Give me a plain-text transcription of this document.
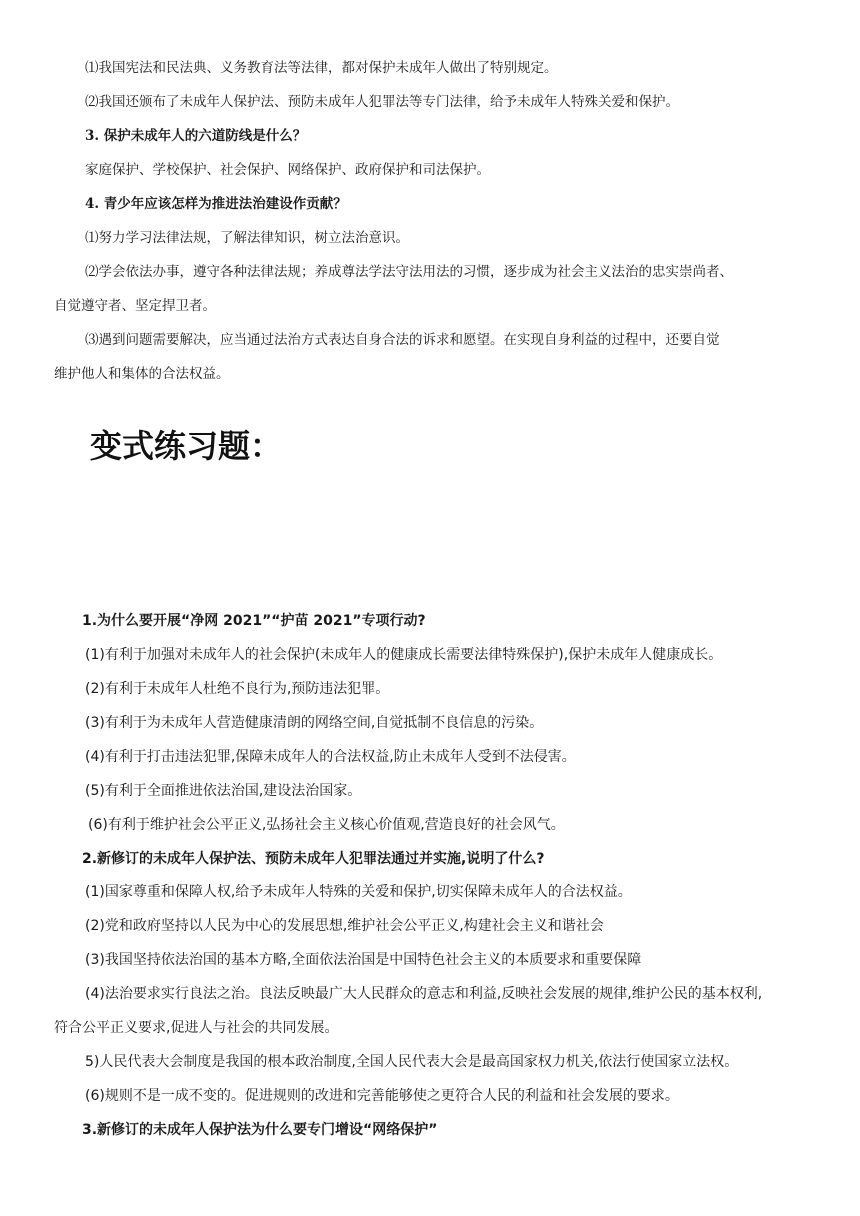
⑴我国宪法和民法典、义务教育法等法律，都对保护未成年人做出了特别规定。
⑵我国还颁布了未成年人保护法、预防未成年人犯罪法等专门法律，给予未成年人特殊关爱和保护。
3. 保护未成年人的六道防线是什么？
家庭保护、学校保护、社会保护、网络保护、政府保护和司法保护。
4. 青少年应该怎样为推进法治建设作贡献？
⑴努力学习法律法规，了解法律知识，树立法治意识。
⑵学会依法办事，遵守各种法律法规；养成尊法学法守法用法的习惯，逐步成为社会主义法治的忠实崇尚者、
自觉遵守者、坚定捍卫者。
⑶遇到问题需要解决，应当通过法治方式表达自身合法的诉求和愿望。在实现自身利益的过程中，还要自觉
维护他人和集体的合法权益。
变式练习题：
1.为什么要开展“净网 2021”“护苗 2021”专项行动?
(1)有利于加强对未成年人的社会保护(未成年人的健康成长需要法律特殊保护),保护未成年人健康成长。
(2)有利于未成年人杜绝不良行为,预防违法犯罪。
(3)有利于为未成年人营造健康清朗的网络空间,自觉抵制不良信息的污染。
(4)有利于打击违法犯罪,保障未成年人的合法权益,防止未成年人受到不法侵害。
(5)有利于全面推进依法治国,建设法治国家。
(6)有利于维护社会公平正义,弘扬社会主义核心价值观,营造良好的社会风气。
2.新修订的未成年人保护法、预防未成年人犯罪法通过并实施,说明了什么?
(1)国家尊重和保障人权,给予未成年人特殊的关爱和保护,切实保障未成年人的合法权益。
(2)党和政府坚持以人民为中心的发展思想,维护社会公平正义,构建社会主义和谐社会
(3)我国坚持依法治国的基本方略,全面依法治国是中国特色社会主义的本质要求和重要保障
(4)法治要求实行良法之治。良法反映最广大人民群众的意志和利益,反映社会发展的规律,维护公民的基本权利,
符合公平正义要求,促进人与社会的共同发展。
5)人民代表大会制度是我国的根本政治制度,全国人民代表大会是最高国家权力机关,依法行使国家立法权。
(6)规则不是一成不变的。促进规则的改进和完善能够使之更符合人民的利益和社会发展的要求。
3.新修订的未成年人保护法为什么要专门增设“网络保护”
